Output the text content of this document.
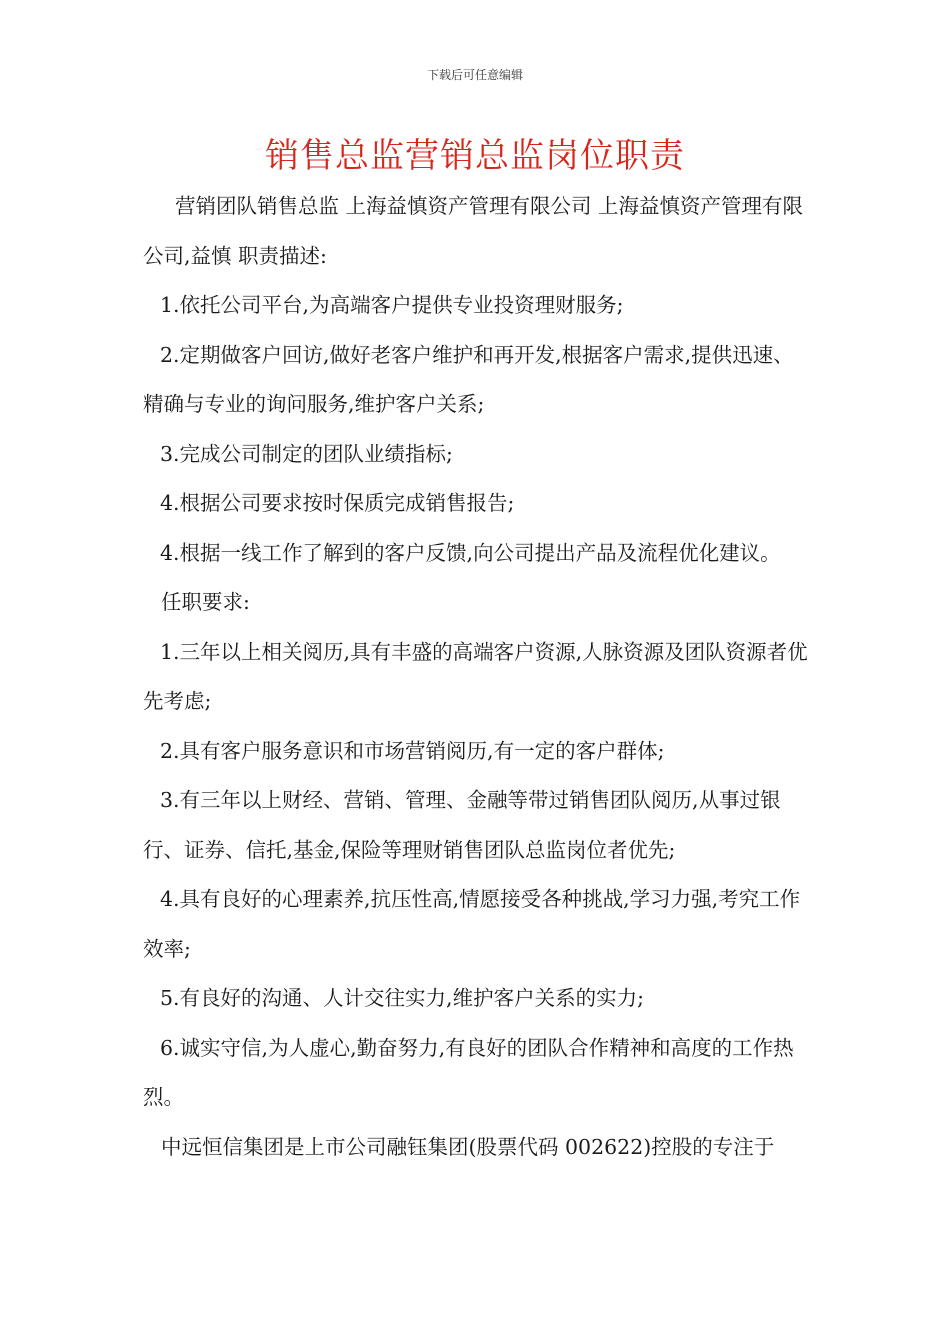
下载后可任意编辑
销售总监营销总监岗位职责

营销团队销售总监 上海益慎资产管理有限公司 上海益慎资产管理有限公司,益慎 职责描述:

1.依托公司平台,为高端客户提供专业投资理财服务;

2.定期做客户回访,做好老客户维护和再开发,根据客户需求,提供迅速、精确与专业的询问服务,维护客户关系;

3.完成公司制定的团队业绩指标;

4.根据公司要求按时保质完成销售报告;

4.根据一线工作了解到的客户反馈,向公司提出产品及流程优化建议。

任职要求:

1.三年以上相关阅历,具有丰盛的高端客户资源,人脉资源及团队资源者优先考虑;

2.具有客户服务意识和市场营销阅历,有一定的客户群体;

3.有三年以上财经、营销、管理、金融等带过销售团队阅历,从事过银行、证券、信托,基金,保险等理财销售团队总监岗位者优先;

4.具有良好的心理素养,抗压性高,情愿接受各种挑战,学习力强,考究工作效率;

5.有良好的沟通、人计交往实力,维护客户关系的实力;

6.诚实守信,为人虚心,勤奋努力,有良好的团队合作精神和高度的工作热烈。

中远恒信集团是上市公司融钰集团(股票代码 002622)控股的专注于
